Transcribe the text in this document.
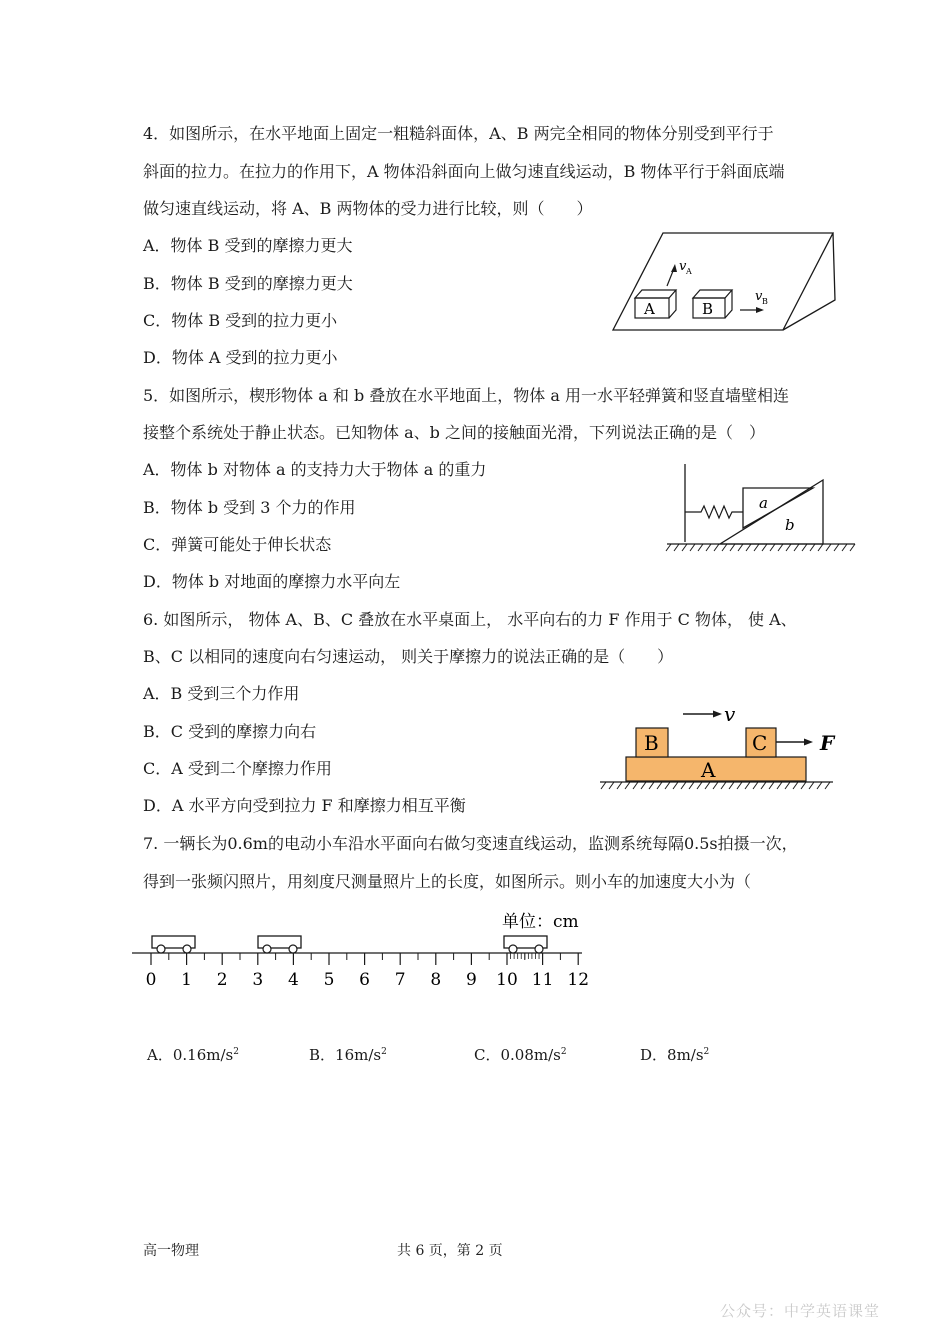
4．如图所示，在水平地面上固定一粗糙斜面体，A、B 两完全相同的物体分别受到平行于
斜面的拉力。在拉力的作用下，A 物体沿斜面向上做匀速直线运动，B 物体平行于斜面底端
做匀速直线运动，将 A、B 两物体的受力进行比较，则（　　）
A．物体 B 受到的摩擦力更大
B．物体 B 受到的摩擦力更大
C．物体 B 受到的拉力更小
D．物体 A 受到的拉力更小
A	B
v A
v B
5．如图所示，楔形物体 a 和 b 叠放在水平地面上，物体 a 用一水平轻弹簧和竖直墙壁相连
接整个系统处于静止状态。已知物体 a、b 之间的接触面光滑，下列说法正确的是（　）
A．物体 b 对物体 a 的支持力大于物体 a 的重力
B．物体 b 受到 3 个力的作用
C．弹簧可能处于伸长状态
D．物体 b 对地面的摩擦力水平向左
a
b
6. 如图所示， 物体 A、B、C 叠放在水平桌面上， 水平向右的力 F 作用于 C 物体， 使 A、
B、C 以相同的速度向右匀速运动， 则关于摩擦力的说法正确的是（　　）
A．B 受到三个力作用
B．C 受到的摩擦力向右
C．A 受到二个摩擦力作用
D．A 水平方向受到拉力 F 和摩擦力相互平衡
v
A
B	C	F
7. 一辆长为0.6m的电动小车沿水平面向右做匀变速直线运动，监测系统每隔0.5s拍摄一次，
得到一张频闪照片，用刻度尺测量照片上的长度，如图所示。则小车的加速度大小为（
单位：cm
0 1 2 3 4 5 6 7 8 9 10 11 12
A．$0.16m/s^2$	B．$16m/s^2$	C．$0.08m/s^2$	D．$8m/s^2$
高一物理	共 6 页，第 2 页
公众号：中学英语课堂
